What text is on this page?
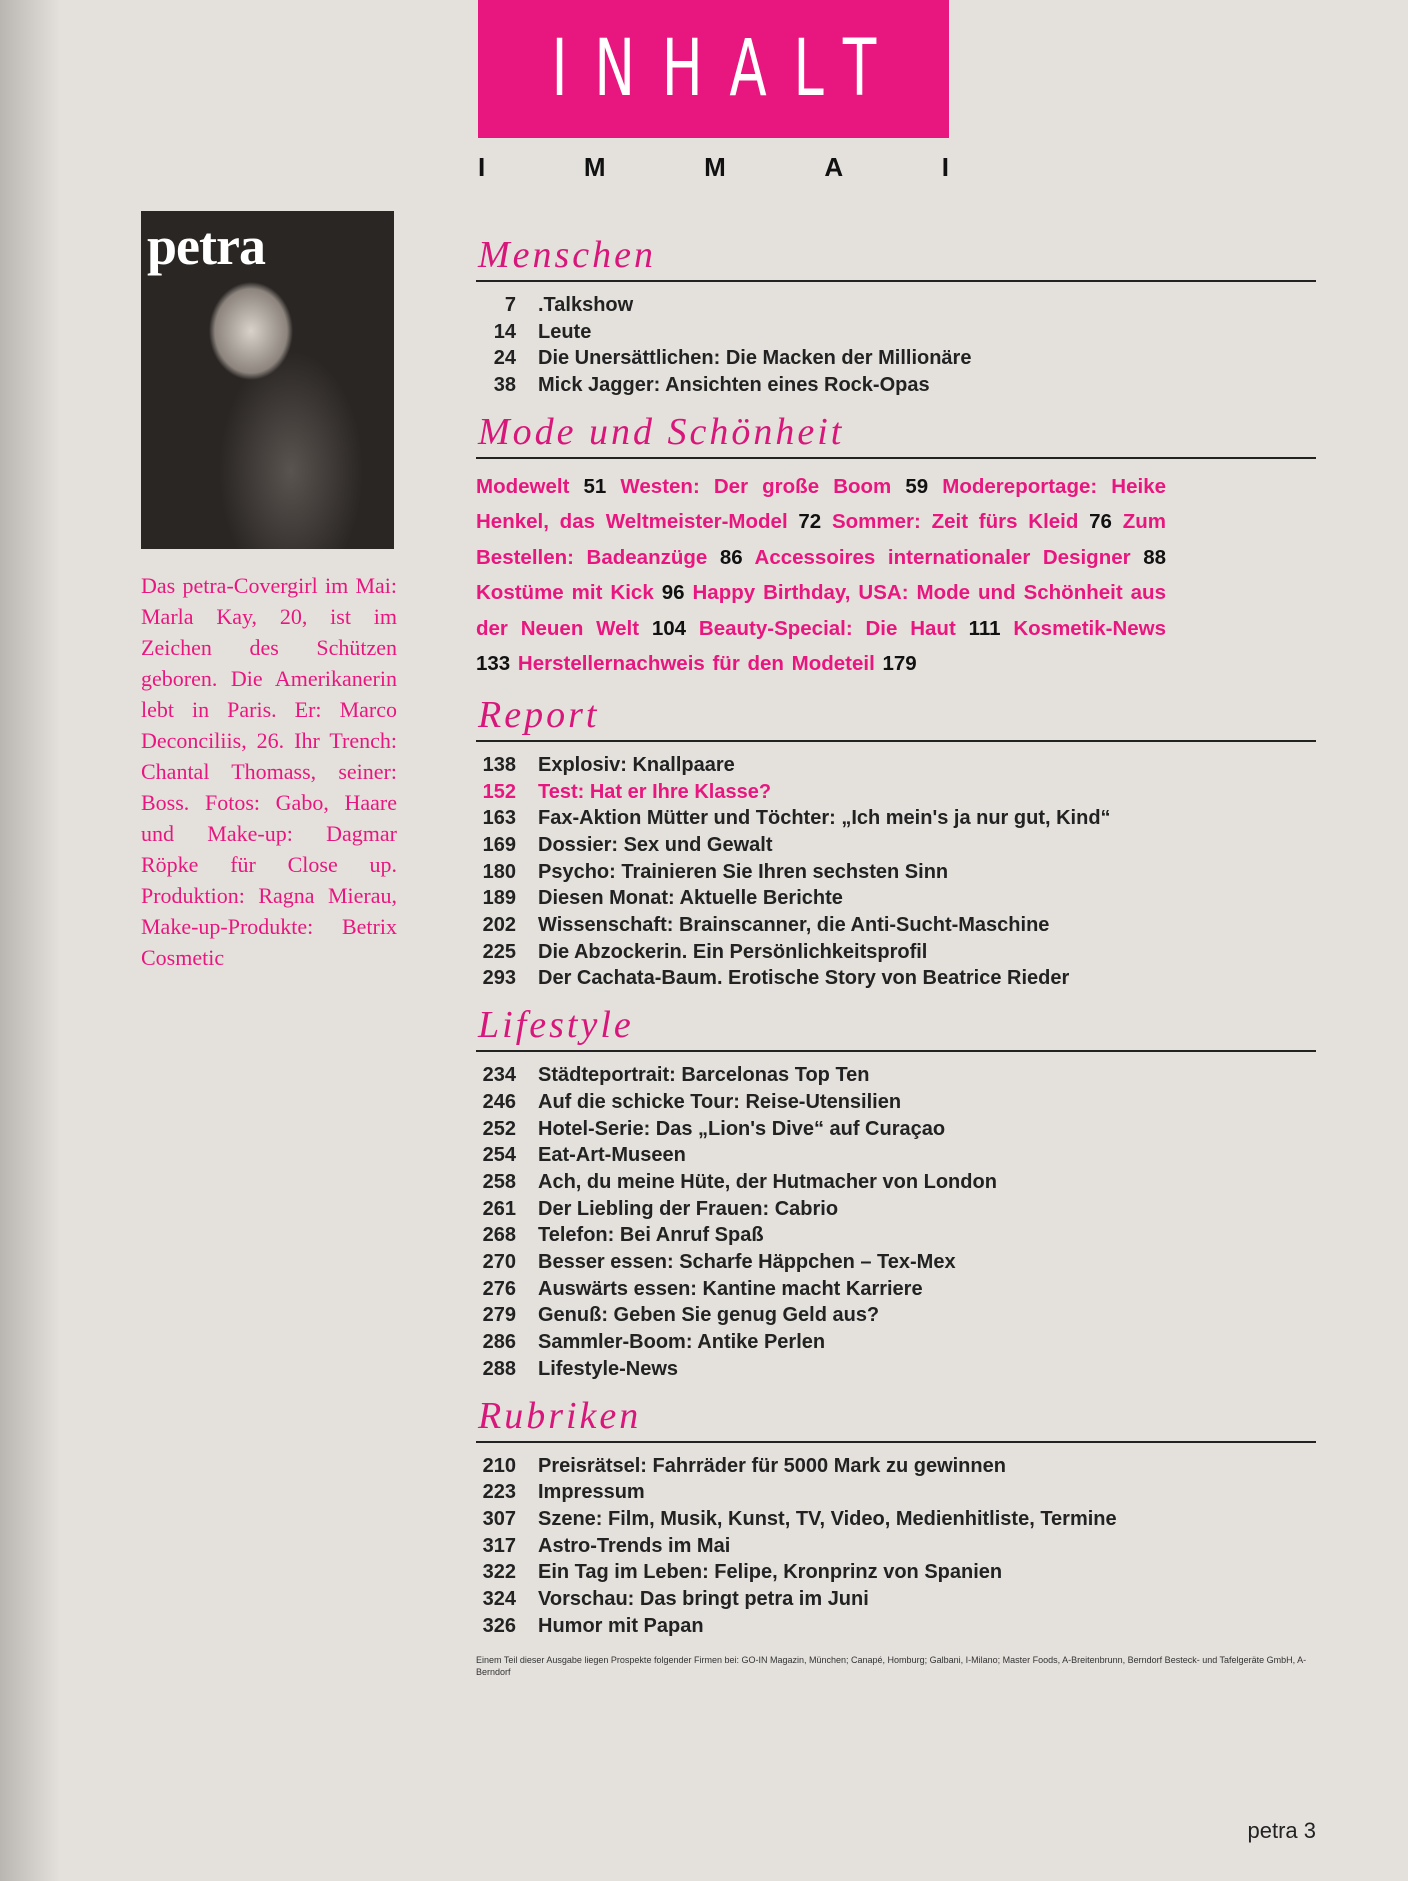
INHALT
I	M	M	A	I
petra
Das petra-Covergirl im Mai: Marla Kay, 20, ist im Zeichen des Schützen geboren. Die Amerikanerin lebt in Paris. Er: Marco Deconciliis, 26. Ihr Trench: Chantal Thomass, seiner: Boss. Fotos: Gabo, Haare und Make-up: Dagmar Röpke für Close up. Produktion: Ragna Mierau, Make-up-Produkte: Betrix Cosmetic
Menschen
7	.Talkshow
14	Leute
24	Die Unersättlichen: Die Macken der Millionäre
38	Mick Jagger: Ansichten eines Rock-Opas
Mode und Schönheit
Modewelt 51 Westen: Der große Boom 59 Modereportage: Heike Henkel, das Weltmeister-Model 72 Sommer: Zeit fürs Kleid 76 Zum Bestellen: Badeanzüge 86 Accessoires internationaler Designer 88 Kostüme mit Kick 96 Happy Birthday, USA: Mode und Schönheit aus der Neuen Welt 104 Beauty-Special: Die Haut 111 Kosmetik-News 133 Herstellernachweis für den Modeteil 179
Report
138	Explosiv: Knallpaare
152	Test: Hat er Ihre Klasse?
163	Fax-Aktion Mütter und Töchter: „Ich mein's ja nur gut, Kind“
169	Dossier: Sex und Gewalt
180	Psycho: Trainieren Sie Ihren sechsten Sinn
189	Diesen Monat: Aktuelle Berichte
202	Wissenschaft: Brainscanner, die Anti-Sucht-Maschine
225	Die Abzockerin. Ein Persönlichkeitsprofil
293	Der Cachata-Baum. Erotische Story von Beatrice Rieder
Lifestyle
234	Städteportrait: Barcelonas Top Ten
246	Auf die schicke Tour: Reise-Utensilien
252	Hotel-Serie: Das „Lion's Dive“ auf Curaçao
254	Eat-Art-Museen
258	Ach, du meine Hüte, der Hutmacher von London
261	Der Liebling der Frauen: Cabrio
268	Telefon: Bei Anruf Spaß
270	Besser essen: Scharfe Häppchen – Tex-Mex
276	Auswärts essen: Kantine macht Karriere
279	Genuß: Geben Sie genug Geld aus?
286	Sammler-Boom: Antike Perlen
288	Lifestyle-News
Rubriken
210	Preisrätsel: Fahrräder für 5000 Mark zu gewinnen
223	Impressum
307	Szene: Film, Musik, Kunst, TV, Video, Medienhitliste, Termine
317	Astro-Trends im Mai
322	Ein Tag im Leben: Felipe, Kronprinz von Spanien
324	Vorschau: Das bringt petra im Juni
326	Humor mit Papan
Einem Teil dieser Ausgabe liegen Prospekte folgender Firmen bei: GO-IN Magazin, München; Canapé, Homburg; Galbani, I-Milano; Master Foods, A-Breitenbrunn, Berndorf Besteck- und Tafelgeräte GmbH, A-Berndorf
petra 3
